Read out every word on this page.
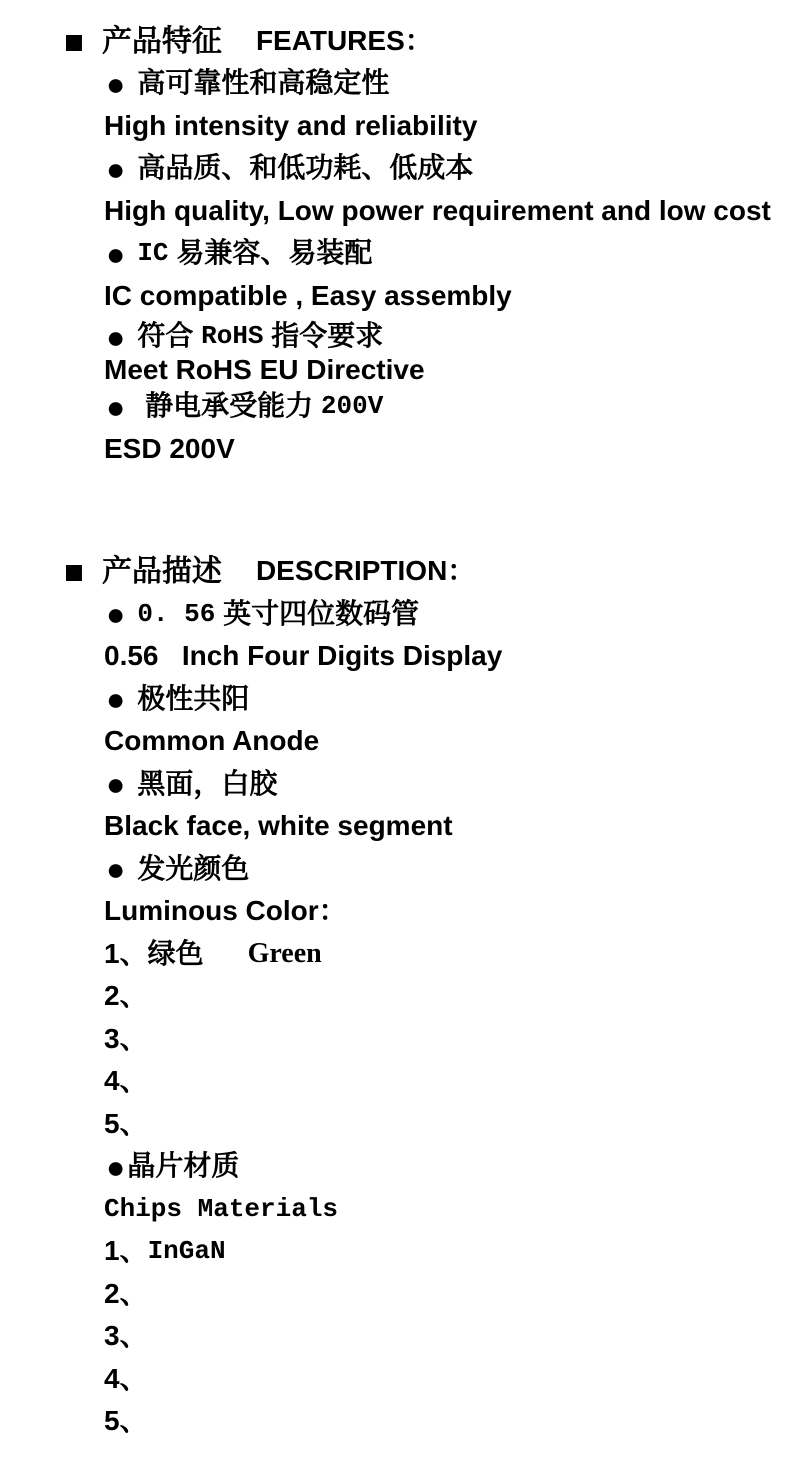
■ 产品特征 FEATURES：
● 高可靠性和高稳定性
High intensity and reliability
● 高品质、和低功耗、低成本
High quality, Low power requirement and low cost
● IC 易兼容、易装配
IC compatible , Easy assembly
● 符合 RoHS 指令要求
Meet RoHS EU Directive
● 静电承受能力 200V
ESD 200V
■ 产品描述 DESCRIPTION：
● 0. 56 英寸四位数码管
0.56   Inch Four Digits Display
● 极性共阳
Common Anode
● 黑面，白胶
Black face, white segment
● 发光颜色
Luminous Color：
1、绿色 Green
2、
3、
4、
5、
● 晶片材质
Chips Materials
1、 InGaN
2、
3、
4、
5、
